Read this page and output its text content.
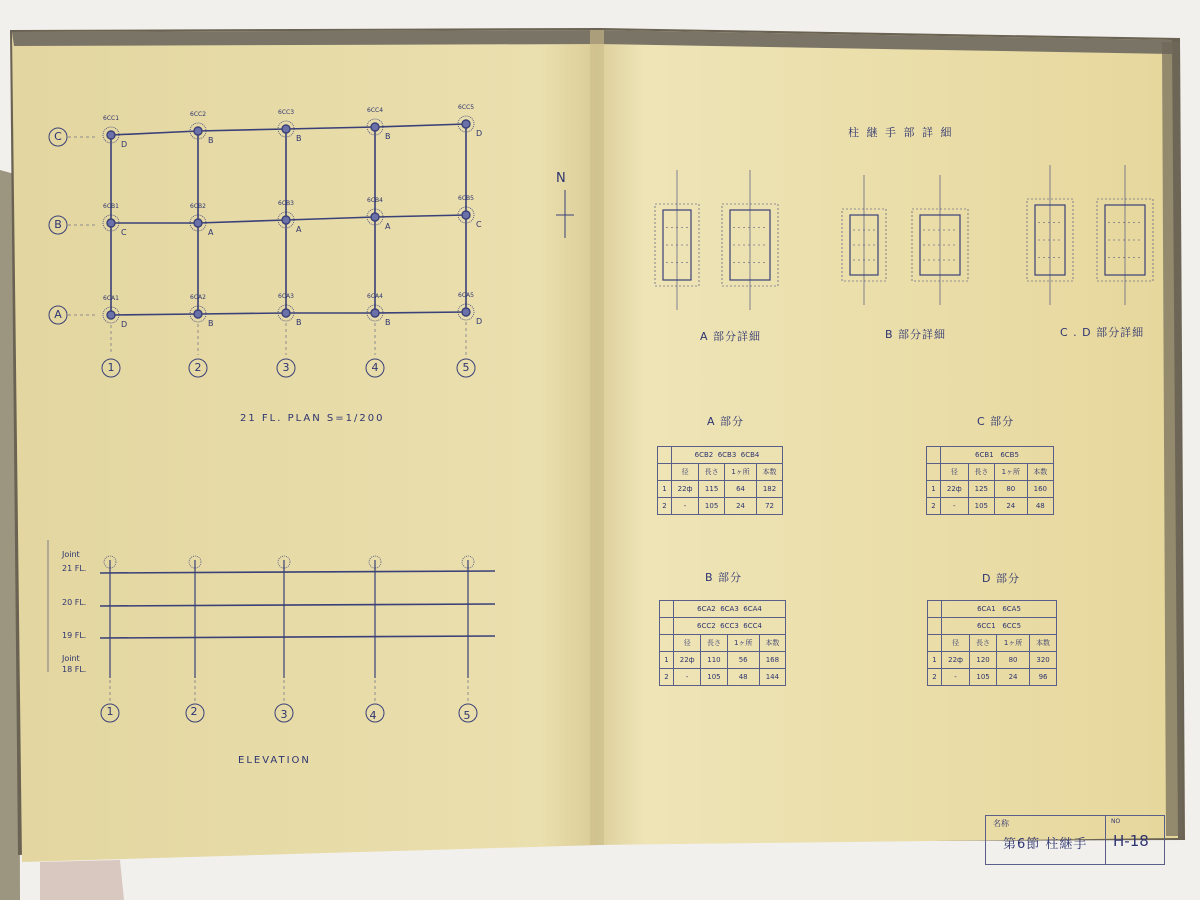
21 FL. PLAN S=1/200
N
Joint
21 FL.
20 FL.
19 FL.
Joint
18 FL.
1	2	3	4	5
ELEVATION
柱 継 手 部 詳 細
A 部分詳細	B 部分詳細	C . D 部分詳細
A 部分
	6CB2 6CB3 6CB4			
	径	長さ	1ヶ所	本数
1	22ф	115	64	182
2	-	105	24	72
C 部分
	6CB1 6CB5			
	径	長さ	1ヶ所	本数
1	22ф	125	80	160
2	-	105	24	48
B 部分
	6CA2 6CA3 6CA4			
	6CC2 6CC3 6CC4			
	径	長さ	1ヶ所	本数
1	22ф	110	56	168
2	-	105	48	144
D 部分
	6CA1 6CA5			
	6CC1 6CC5			
	径	長さ	1ヶ所	本数
1	22ф	120	80	320
2	-	105	24	96
名称
第6節 柱継手
NO
H-18
1	2	3	4	5
6CC1
D
6CC2
B
6CC3
B
6CC4
B
6CC5
D
6CB1
C
6CB2
A
6CB3
A
6CB4
A
6CB5
C
6CA1
D
6CA2
B
6CA3
B
6CA4
B
6CA5
D
C
B
A
